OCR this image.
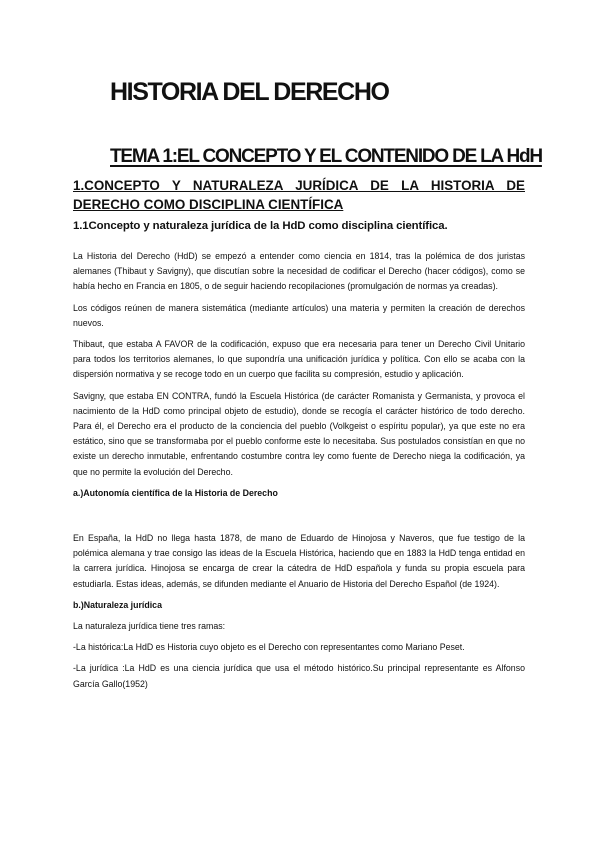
HISTORIA DEL DERECHO
TEMA 1:EL CONCEPTO Y EL CONTENIDO DE LA HdH
1.CONCEPTO Y NATURALEZA JURÍDICA DE LA HISTORIA DE DERECHO COMO DISCIPLINA CIENTÍFICA
1.1Concepto y naturaleza jurídica de la HdD como disciplina científica.

La Historia del Derecho (HdD) se empezó a entender como ciencia en 1814, tras la polémica de dos juristas alemanes (Thibaut y Savigny), que discutían sobre la necesidad de codificar el Derecho (hacer códigos), como se había hecho en Francia en 1805, o de seguir haciendo recopilaciones (promulgación de normas ya creadas).

Los códigos reúnen de manera sistemática (mediante artículos) una materia y permiten la creación de derechos nuevos.

Thibaut, que estaba A FAVOR de la codificación, expuso que era necesaria para tener un Derecho Civil Unitario para todos los territorios alemanes, lo que supondría una unificación jurídica y política. Con ello se acaba con la dispersión normativa y se recoge todo en un cuerpo que facilita su compresión, estudio y aplicación.

Savigny, que estaba EN CONTRA, fundó la Escuela Histórica (de carácter Romanista y Germanista, y provoca el nacimiento de la HdD como principal objeto de estudio), donde se recogía el carácter histórico de todo derecho. Para él, el Derecho era el producto de la conciencia del pueblo (Volkgeist o espíritu popular), ya que este no era estático, sino que se transformaba por el pueblo conforme este lo necesitaba. Sus postulados consistían en que no existe un derecho inmutable, enfrentando costumbre contra ley como fuente de Derecho niega la codificación, ya que no permite la evolución del Derecho.

a.)Autonomía científica de la Historia de Derecho

En España, la HdD no llega hasta 1878, de mano de Eduardo de Hinojosa y Naveros, que fue testigo de la polémica alemana y trae consigo las ideas de la Escuela Histórica, haciendo que en 1883 la HdD tenga entidad en la carrera jurídica. Hinojosa se encarga de crear la cátedra de HdD española y funda su propia escuela para estudiarla. Estas ideas, además, se difunden mediante el Anuario de Historia del Derecho Español (de 1924).

b.)Naturaleza jurídica

La naturaleza jurídica tiene tres ramas:

-La histórica:La HdD es Historia cuyo objeto es el Derecho con representantes como Mariano Peset.

-La jurídica :La HdD es una ciencia jurídica que usa el método histórico.Su principal representante es Alfonso García Gallo(1952)
